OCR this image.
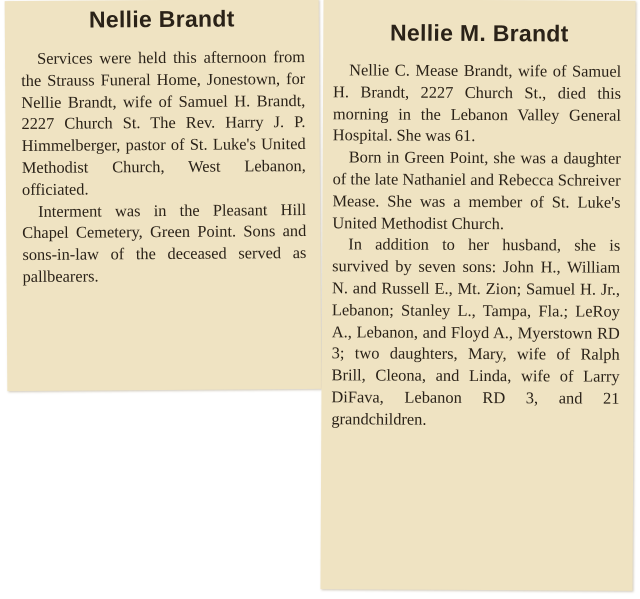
Nellie Brandt

Services were held this afternoon from the Strauss Funeral Home, Jonestown, for Nellie Brandt, wife of Samuel H. Brandt, 2227 Church St. The Rev. Harry J. P. Himmelberger, pastor of St. Luke's United Methodist Church, West Lebanon, officiated.

Interment was in the Pleasant Hill Chapel Cemetery, Green Point. Sons and sons-in-law of the deceased served as pallbearers.

Nellie M. Brandt

Nellie C. Mease Brandt, wife of Samuel H. Brandt, 2227 Church St., died this morning in the Lebanon Valley General Hospital. She was 61.

Born in Green Point, she was a daughter of the late Nathaniel and Rebecca Schreiver Mease. She was a member of St. Luke's United Methodist Church.

In addition to her husband, she is survived by seven sons: John H., William N. and Russell E., Mt. Zion; Samuel H. Jr., Lebanon; Stanley L., Tampa, Fla.; LeRoy A., Lebanon, and Floyd A., Myerstown RD 3; two daughters, Mary, wife of Ralph Brill, Cleona, and Linda, wife of Larry DiFava, Lebanon RD 3, and 21 grandchildren.
